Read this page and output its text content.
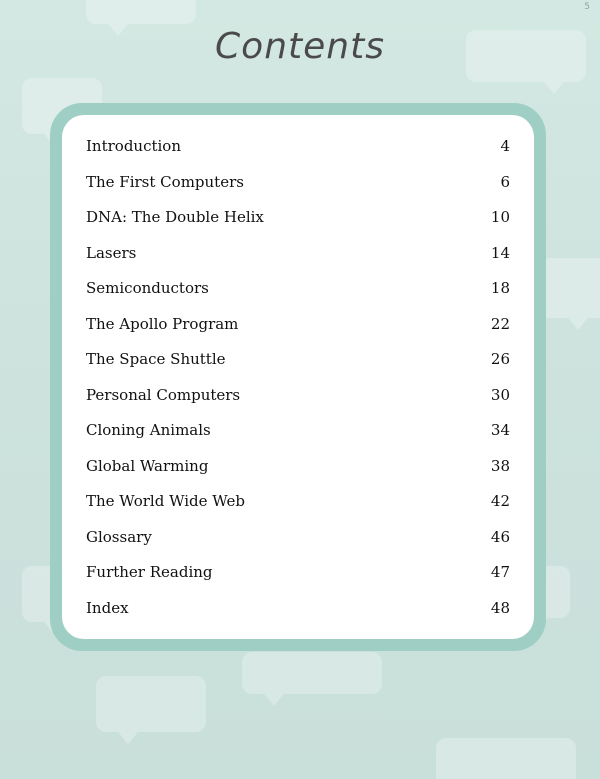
5
Contents
Introduction	4
The First Computers	6
DNA: The Double Helix	10
Lasers	14
Semiconductors	18
The Apollo Program	22
The Space Shuttle	26
Personal Computers	30
Cloning Animals	34
Global Warming	38
The World Wide Web	42
Glossary	46
Further Reading	47
Index	48
